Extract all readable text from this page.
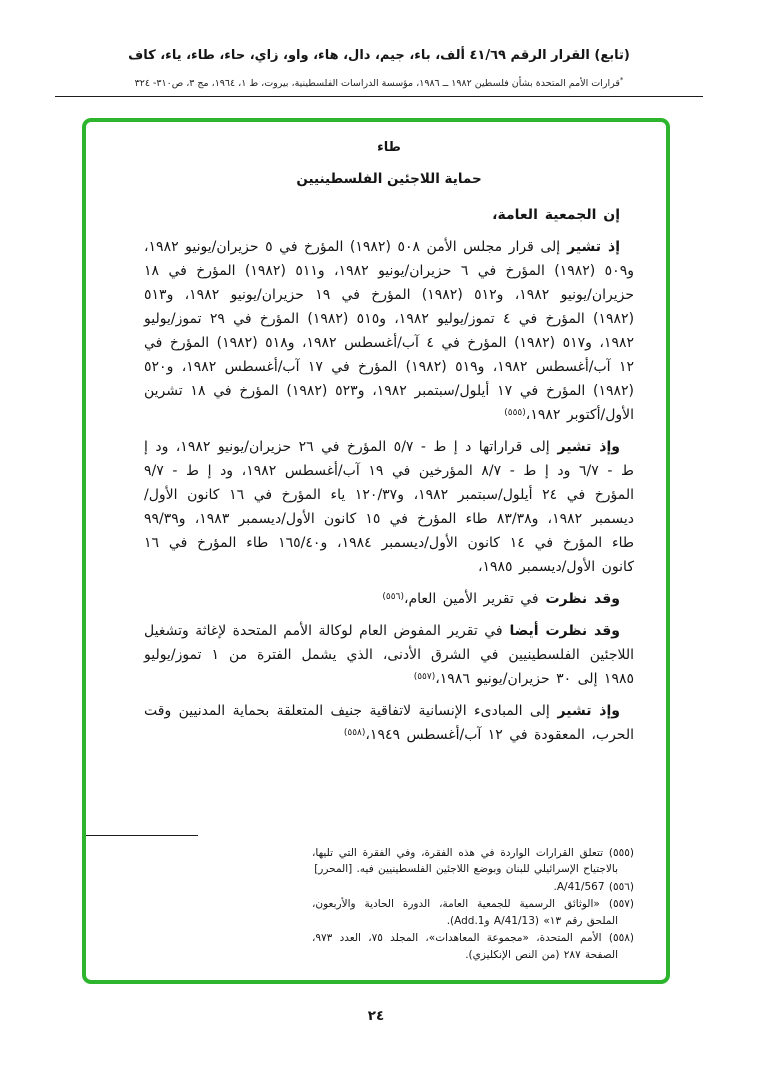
(تابع) القرار الرقم ٤١/٦٩ ألف، باء، جيم، دال، هاء، واو، زاي، حاء، طاء، ياء، كاف
*قرارات الأمم المتحدة بشأن فلسطين ١٩٨٢ ــ ١٩٨٦، مؤسسة الدراسات الفلسطينية، بيروت، ط ١، ١٩٦٤، مج ٣، ص٣١٠- ٣٢٤
طاء
حماية اللاجئين الفلسطينيين

إن الجمعية العامة،

إذ تشير إلى قرار مجلس الأمن ٥٠٨ (١٩٨٢) المؤرخ في ٥ حزيران/يونيو ١٩٨٢، و٥٠٩ (١٩٨٢) المؤرخ في ٦ حزيران/يونيو ١٩٨٢، و٥١١ (١٩٨٢) المؤرخ في ١٨ حزيران/يونيو ١٩٨٢، و٥١٢ (١٩٨٢) المؤرخ في ١٩ حزيران/يونيو ١٩٨٢، و٥١٣ (١٩٨٢) المؤرخ في ٤ تموز/يوليو ١٩٨٢، و٥١٥ (١٩٨٢) المؤرخ في ٢٩ تموز/يوليو ١٩٨٢، و٥١٧ (١٩٨٢) المؤرخ في ٤ آب/أغسطس ١٩٨٢، و٥١٨ (١٩٨٢) المؤرخ في ١٢ آب/أغسطس ١٩٨٢، و٥١٩ (١٩٨٢) المؤرخ في ١٧ آب/أغسطس ١٩٨٢، و٥٢٠ (١٩٨٢) المؤرخ في ١٧ أيلول/سبتمبر ١٩٨٢، و٥٢٣ (١٩٨٢) المؤرخ في ١٨ تشرين الأول/أكتوبر ١٩٨٢،$^{(٥٥٥)}$

وإذ تشير إلى قراراتها د إ ط - ٥/٧ المؤرخ في ٢٦ حزيران/يونيو ١٩٨٢، ود إ ط - ٦/٧ ود إ ط - ٨/٧ المؤرخين في ١٩ آب/أغسطس ١٩٨٢، ود إ ط - ٩/٧ المؤرخ في ٢٤ أيلول/سبتمبر ١٩٨٢، و١٢٠/٣٧ ياء المؤرخ في ١٦ كانون الأول/ديسمبر ١٩٨٢، و٨٣/٣٨ طاء المؤرخ في ١٥ كانون الأول/ديسمبر ١٩٨٣، و٩٩/٣٩ طاء المؤرخ في ١٤ كانون الأول/ديسمبر ١٩٨٤، و١٦٥/٤٠ طاء المؤرخ في ١٦ كانون الأول/ديسمبر ١٩٨٥،

وقد نظرت في تقرير الأمين العام،$^{(٥٥٦)}$

وقد نظرت أيضا في تقرير المفوض العام لوكالة الأمم المتحدة لإغاثة وتشغيل اللاجئين الفلسطينيين في الشرق الأدنى، الذي يشمل الفترة من ١ تموز/يوليو ١٩٨٥ إلى ٣٠ حزيران/يونيو ١٩٨٦،$^{(٥٥٧)}$

وإذ تشير إلى المبادىء الإنسانية لاتفاقية جنيف المتعلقة بحماية المدنيين وقت الحرب، المعقودة في ١٢ آب/أغسطس ١٩٤٩،$^{(٥٥٨)}$

(٥٥٥) تتعلق القرارات الواردة في هذه الفقرة، وفي الفقرة التي تليها، بالاجتياح الإسرائيلي للبنان وبوضع اللاجئين الفلسطينيين فيه. [المحرر]
(٥٥٦) A/41/567.
(٥٥٧) «الوثائق الرسمية للجمعية العامة، الدورة الحادية والأربعون، الملحق رقم ١٣» (A/41/13 وAdd.1).
(٥٥٨) الأمم المتحدة، «مجموعة المعاهدات»، المجلد ٧٥، العدد ٩٧٣، الصفحة ٢٨٧ (من النص الإنكليزي).
٢٤
